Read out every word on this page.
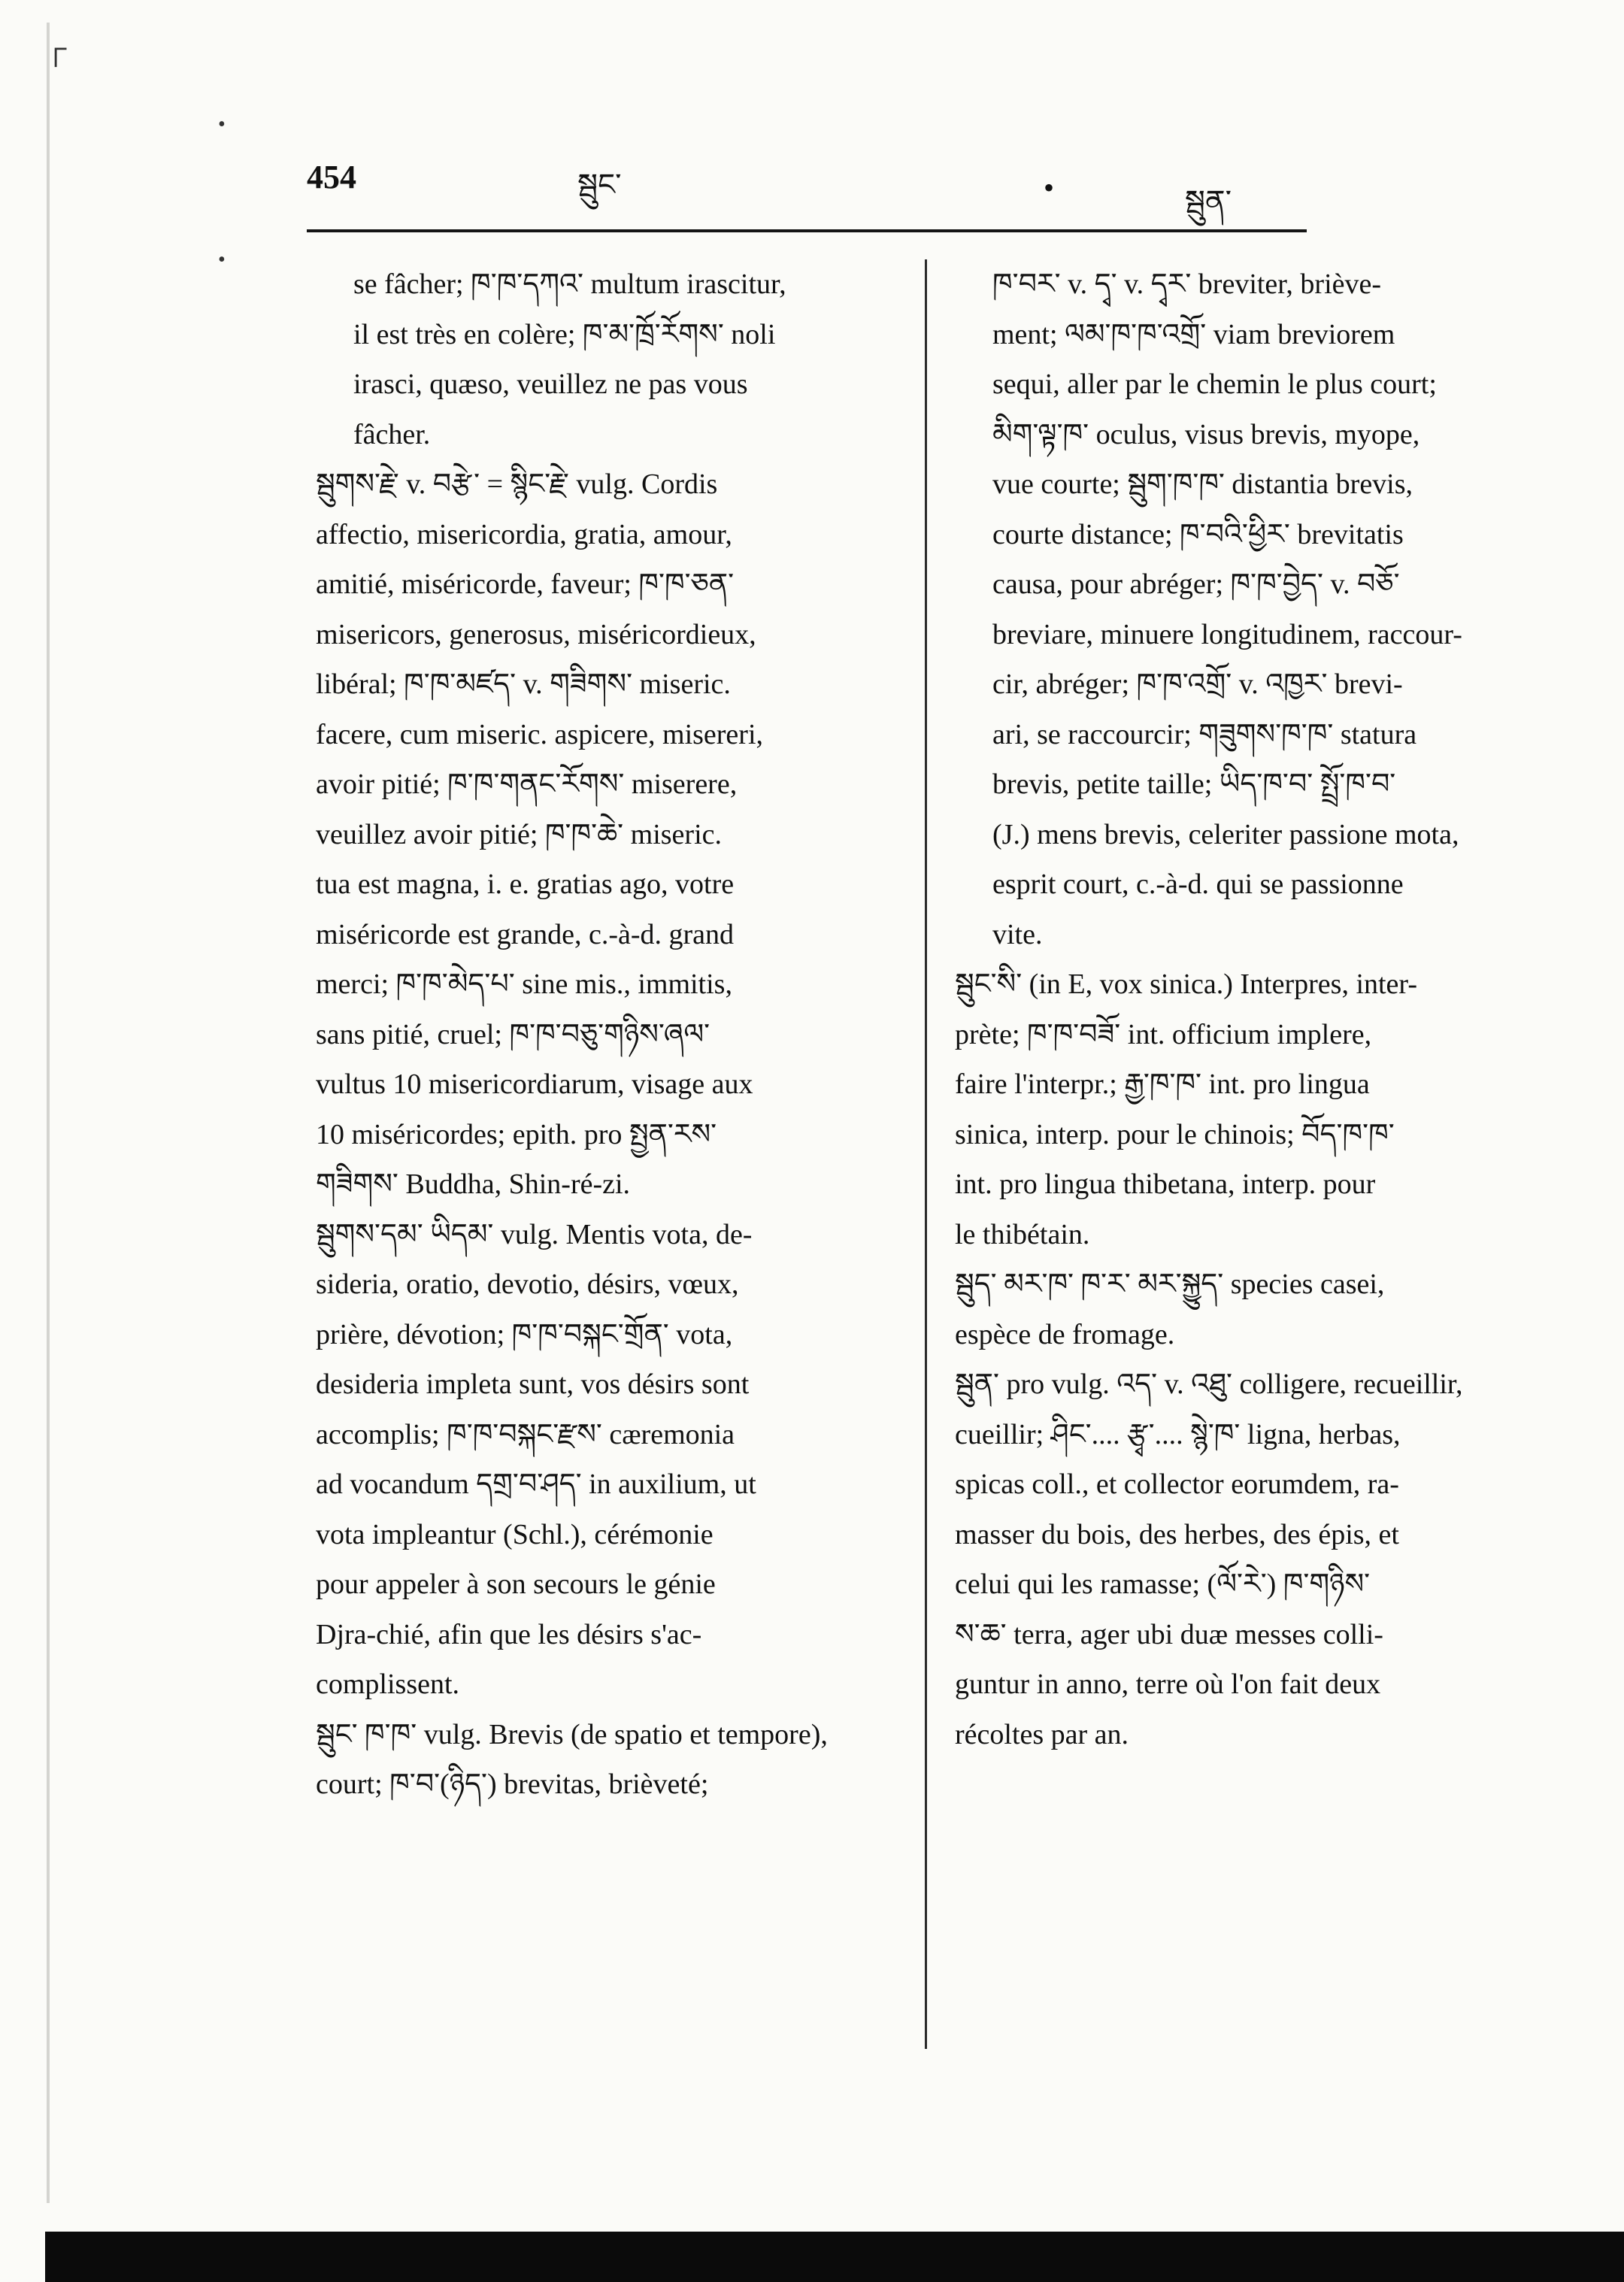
┌
•
•
454	སྦུང་	•	སྦུན་
se fâcher; ཁ་ཁ་དཀའ་ multum irascitur,
il est très en colère; ཁ་མ་ཁྲོ་རོགས་ noli
irasci, quæso, veuillez ne pas vous
fâcher.
སྦུགས་རྗེ་ v. བརྩེ་ = སྙིང་རྗེ་ vulg. Cordis
affectio, misericordia, gratia, amour,
amitié, miséricorde, faveur; ཁ་ཁ་ཅན་
misericors, generosus, miséricordieux,
libéral; ཁ་ཁ་མཛད་ v. གཟིགས་ miseric.
facere, cum miseric. aspicere, misereri,
avoir pitié; ཁ་ཁ་གནང་རོགས་ miserere,
veuillez avoir pitié; ཁ་ཁ་ཆེ་ miseric.
tua est magna, i. e. gratias ago, votre
miséricorde est grande, c.-à-d. grand
merci; ཁ་ཁ་མེད་པ་ sine mis., immitis,
sans pitié, cruel; ཁ་ཁ་བཅུ་གཉིས་ཞལ་
vultus 10 misericordiarum, visage aux
10 miséricordes; epith. pro སྤྱན་རས་
གཟིགས་ Buddha, Shin-ré-zi.
སྦུགས་དམ་ ཡིདམ་ vulg. Mentis vota, de-
sideria, oratio, devotio, désirs, vœux,
prière, dévotion; ཁ་ཁ་བསྐང་གྲོན་ vota,
desideria impleta sunt, vos désirs sont
accomplis; ཁ་ཁ་བསྐང་རྫས་ cæremonia
ad vocandum དགྲ་བ་ཤད་ in auxilium, ut
vota impleantur (Schl.), cérémonie
pour appeler à son secours le génie
Djra-chié, afin que les désirs s'ac-
complissent.
སྦུང་ ཁ་ཁ་ vulg. Brevis (de spatio et tempore),
court; ཁ་བ་(ཉིད་) brevitas, brièveté;
ཁ་བར་ v. དྭ་ v. དྭར་ breviter, brièvе-
ment; ལམ་ཁ་ཁ་འགྲོ་ viam breviorem
sequi, aller par le chemin le plus court;
མིག་ལྟ་ཁ་ oculus, visus brevis, myope,
vue courte; སྦུག་ཁ་ཁ་ distantia brevis,
courte distance; ཁ་བའི་ཕྱིར་ brevitatis
causa, pour abréger; ཁ་ཁ་བྱེད་ v. བཅོ་
breviare, minuere longitudinem, raccour-
cir, abréger; ཁ་ཁ་འགྲོ་ v. འཁྱར་ brevi-
ari, se raccourcir; གཟུགས་ཁ་ཁ་ statura
brevis, petite taille; ཡིད་ཁ་བ་ སྤྲོ་ཁ་བ་
(J.) mens brevis, celeriter passione mota,
esprit court, c.-à-d. qui se passionne
vite.
སྦུང་སི་ (in E, vox sinica.) Interpres, inter-
prète; ཁ་ཁ་བཟོ་ int. officium implere,
faire l'interpr.; རྒྱ་ཁ་ཁ་ int. pro lingua
sinica, interp. pour le chinois; བོད་ཁ་ཁ་
int. pro lingua thibetana, interp. pour
le thibétain.
སྦུད་ མར་ཁ་ ཁ་ར་ མར་སྐྱུད་ species casei,
espèce de fromage.
སྦུན་ pro vulg. འད་ v. འཐུ་ colligere, recueillir,
cueillir; ཤིང་.... རྩྭ་.... སྙེ་ཁ་ ligna, herbas,
spicas coll., et collector eorumdem, ra-
masser du bois, des herbes, des épis, et
celui qui les ramasse; (ལོ་རེ་) ཁ་གཉིས་
ས་ཆ་ terra, ager ubi duæ messes colli-
guntur in anno, terre où l'on fait deux
récoltes par an.
